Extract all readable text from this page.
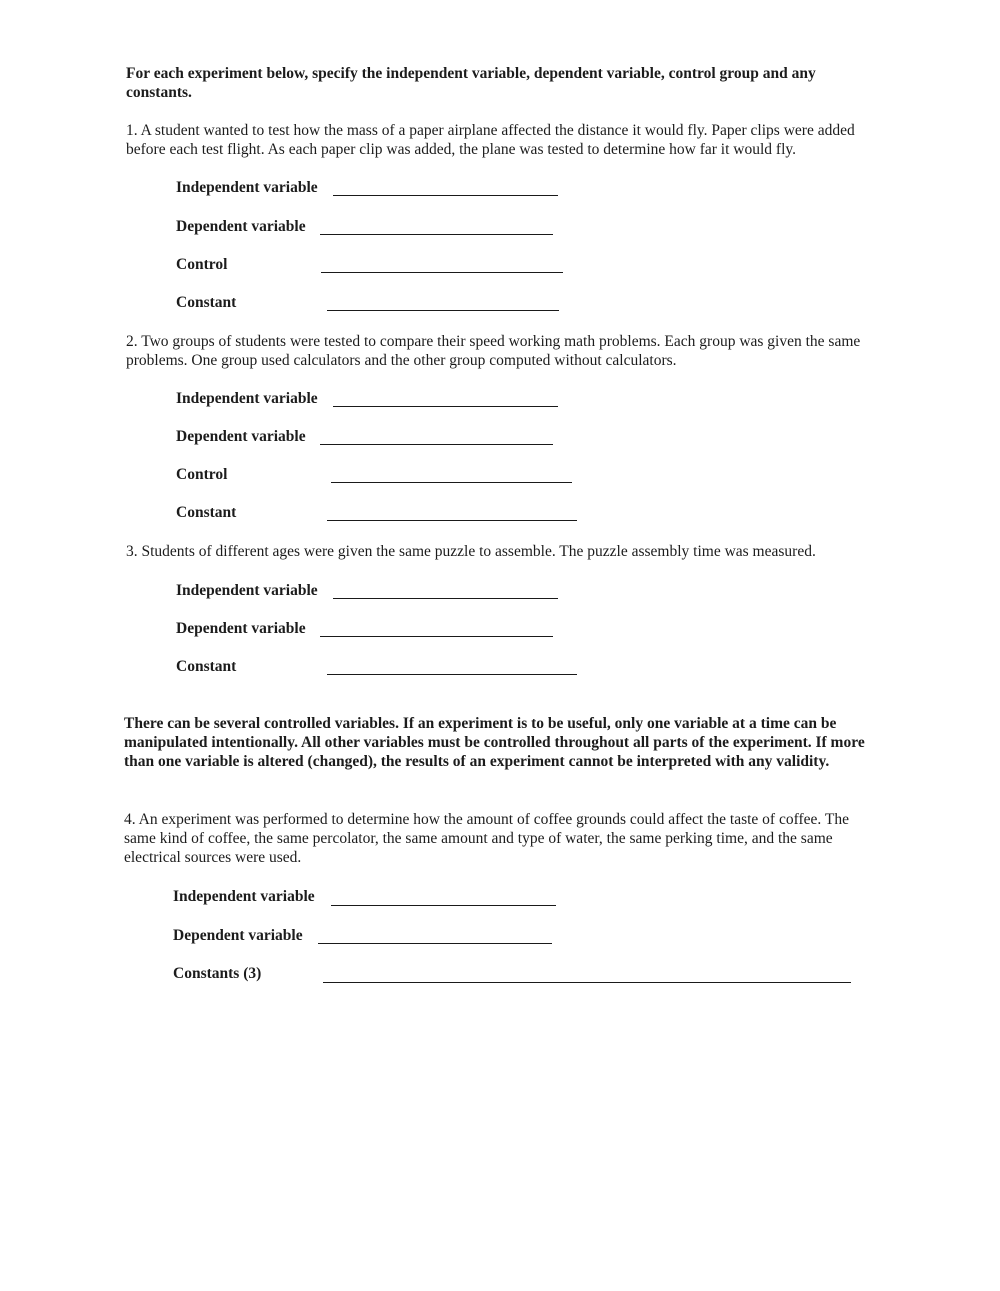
For each experiment below, specify the independent variable, dependent variable, control group and any constants.
1. A student wanted to test how the mass of a paper airplane affected the distance it would fly. Paper clips were added before each test flight. As each paper clip was added, the plane was tested to determine how far it would fly.
Independent variable
Dependent variable
Control
Constant
2. Two groups of students were tested to compare their speed working math problems. Each group was given the same problems. One group used calculators and the other group computed without calculators.
Independent variable
Dependent variable
Control
Constant
3. Students of different ages were given the same puzzle to assemble. The puzzle assembly time was measured.
Independent variable
Dependent variable
Constant
There can be several controlled variables. If an experiment is to be useful, only one variable at a time can be manipulated intentionally. All other variables must be controlled throughout all parts of the experiment. If more than one variable is altered (changed), the results of an experiment cannot be interpreted with any validity.
4. An experiment was performed to determine how the amount of coffee grounds could affect the taste of coffee. The same kind of coffee, the same percolator, the same amount and type of water, the same perking time, and the same electrical sources were used.
Independent variable
Dependent variable
Constants (3)
